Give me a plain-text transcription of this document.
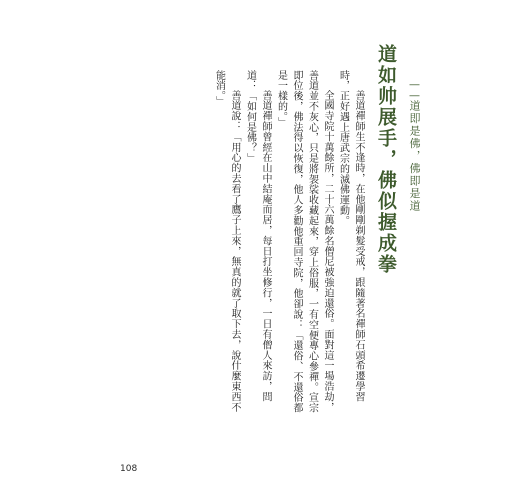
道如帅展手，佛似握成拳 ——道即是佛，佛即是道

善道禪師生不逢時，在他剛剛剃髮受戒，跟隨著名禪師石頭希遷學習時，正好遇上唐武宗的滅佛運動。

全國寺院十萬餘所，二十六萬餘名僧尼被強迫還俗。面對這一場浩劫，善道並不灰心，只是將袈裟收藏起來，穿上俗服，一有空便專心參禪。宣宗即位後，佛法得以恢復，他人多勸他重回寺院，他卻說：「還俗、不還俗都是一樣的。」

善道禪師曾經在山中結庵而居，每日打坐修行，一日有僧人來訪，問道：「如何是佛？」

善道說：「用心的去看了鷹子上來，無真的就了取下去，說什麼東西不能消。」

108
